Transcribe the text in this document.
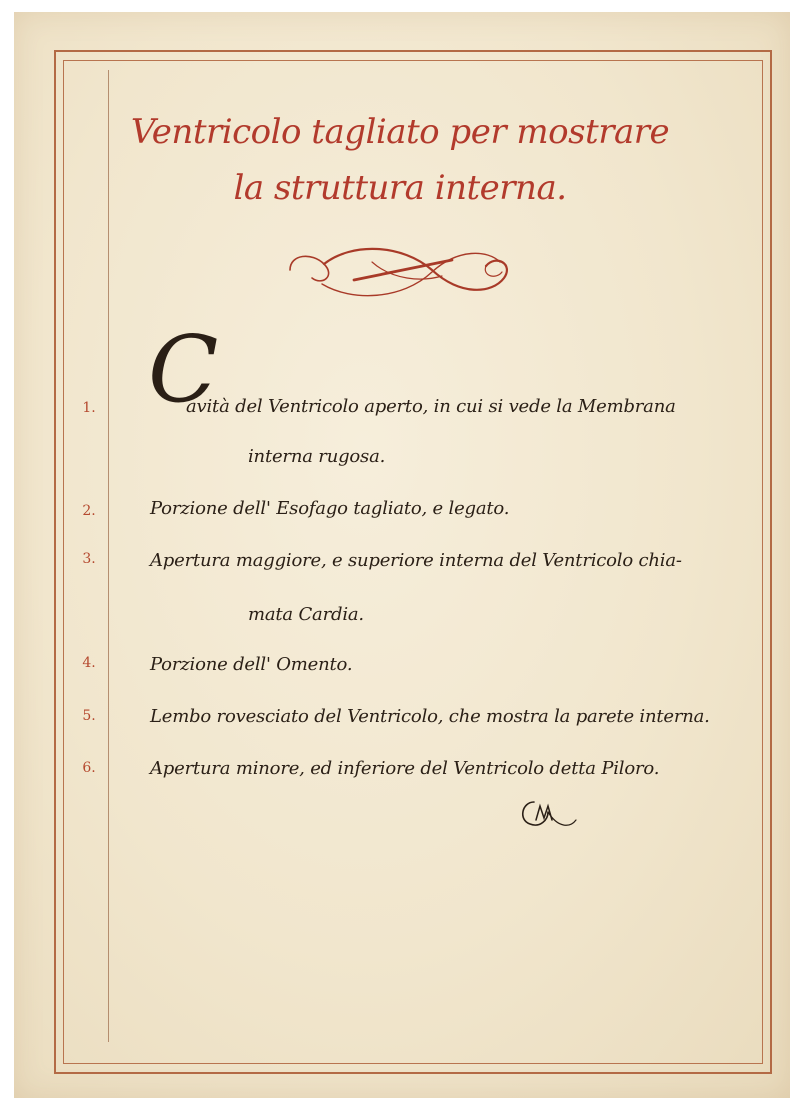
Ventricolo tagliato per mostrare
la struttura interna.
C
1.	avità del Ventricolo aperto, in cui si vede la Membrana
interna rugosa.
2.	Porzione dell' Esofago tagliato, e legato.
3.	Apertura maggiore, e superiore interna del Ventricolo chia-
mata Cardia.
4.	Porzione dell' Omento.
5.	Lembo rovesciato del Ventricolo, che mostra la parete interna.
6.	Apertura minore, ed inferiore del Ventricolo detta Piloro.
